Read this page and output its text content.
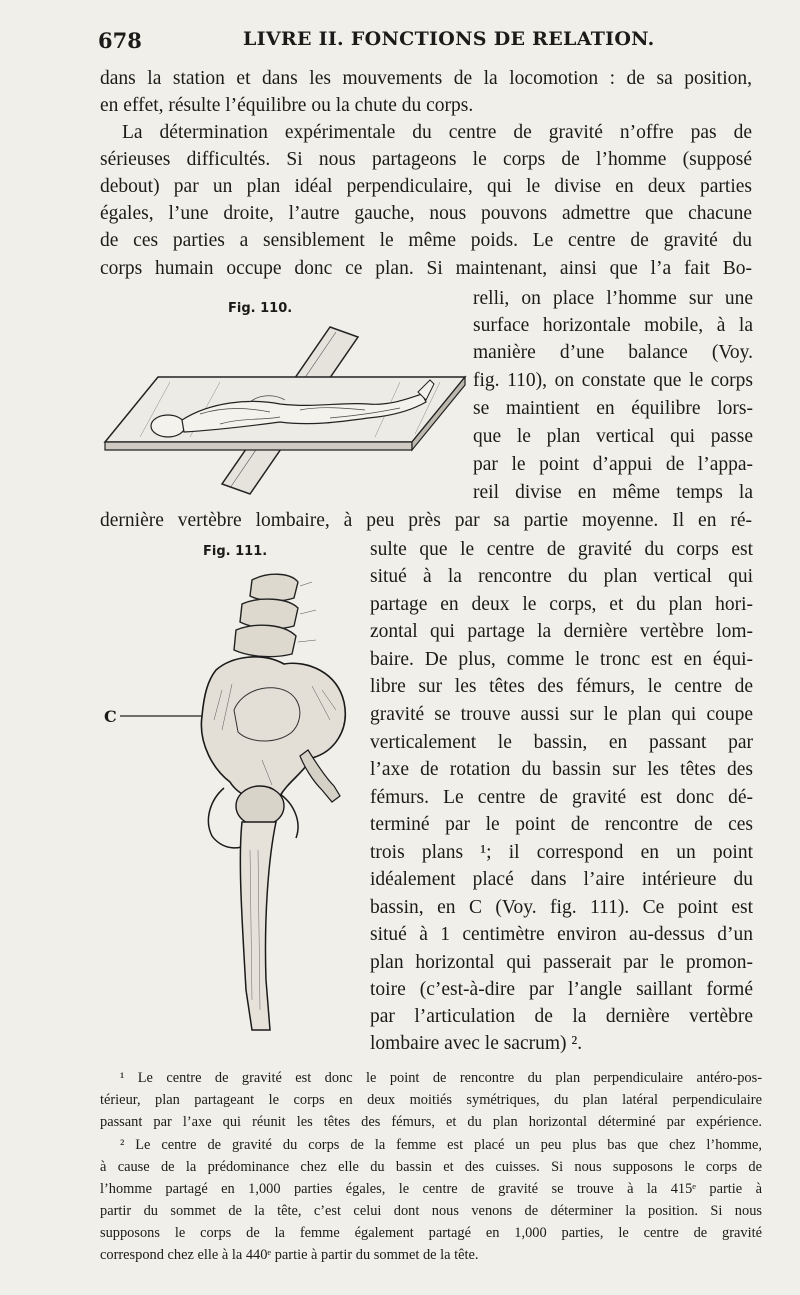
678	LIVRE II. FONCTIONS DE RELATION.
dans la station et dans les mouvements de la locomotion : de sa position,
en effet, résulte l’équilibre ou la chute du corps.
La détermination expérimentale du centre de gravité n’offre pas de
sérieuses difficultés. Si nous partageons le corps de l’homme (supposé
debout) par un plan idéal perpendiculaire, qui le divise en deux parties
égales, l’une droite, l’autre gauche, nous pouvons admettre que chacune
de ces parties a sensiblement le même poids. Le centre de gravité du
corps humain occupe donc ce plan. Si maintenant, ainsi que l’a fait Bo-
relli, on place l’homme sur une
surface horizontale mobile, à la
manière d’une balance (Voy.
fig. 110), on constate que le corps
se maintient en équilibre lors-
que le plan vertical qui passe
par le point d’appui de l’appa-
reil divise en même temps la
dernière vertèbre lombaire, à peu près par sa partie moyenne. Il en ré-
sulte que le centre de gravité du corps est
situé à la rencontre du plan vertical qui
partage en deux le corps, et du plan hori-
zontal qui partage la dernière vertèbre lom-
baire. De plus, comme le tronc est en équi-
libre sur les têtes des fémurs, le centre de
gravité se trouve aussi sur le plan qui coupe
verticalement le bassin, en passant par
l’axe de rotation du bassin sur les têtes des
fémurs. Le centre de gravité est donc dé-
terminé par le point de rencontre de ces
trois plans ¹; il correspond en un point
idéalement placé dans l’aire intérieure du
bassin, en C (Voy. fig. 111). Ce point est
situé à 1 centimètre environ au-dessus d’un
plan horizontal qui passerait par le promon-
toire (c’est-à-dire par l’angle saillant formé
par l’articulation de la dernière vertèbre
lombaire avec le sacrum) ².
Fig. 110.
Fig. 111.
C
¹ Le centre de gravité est donc le point de rencontre du plan perpendiculaire antéro-pos-
térieur, plan partageant le corps en deux moitiés symétriques, du plan latéral perpendiculaire
passant par l’axe qui réunit les têtes des fémurs, et du plan horizontal déterminé par expérience.
² Le centre de gravité du corps de la femme est placé un peu plus bas que chez l’homme,
à cause de la prédominance chez elle du bassin et des cuisses. Si nous supposons le corps de
l’homme partagé en 1,000 parties égales, le centre de gravité se trouve à la 415ᵉ partie à
partir du sommet de la tête, c’est celui dont nous venons de déterminer la position. Si nous
supposons le corps de la femme également partagé en 1,000 parties, le centre de gravité
correspond chez elle à la 440ᵉ partie à partir du sommet de la tête.
